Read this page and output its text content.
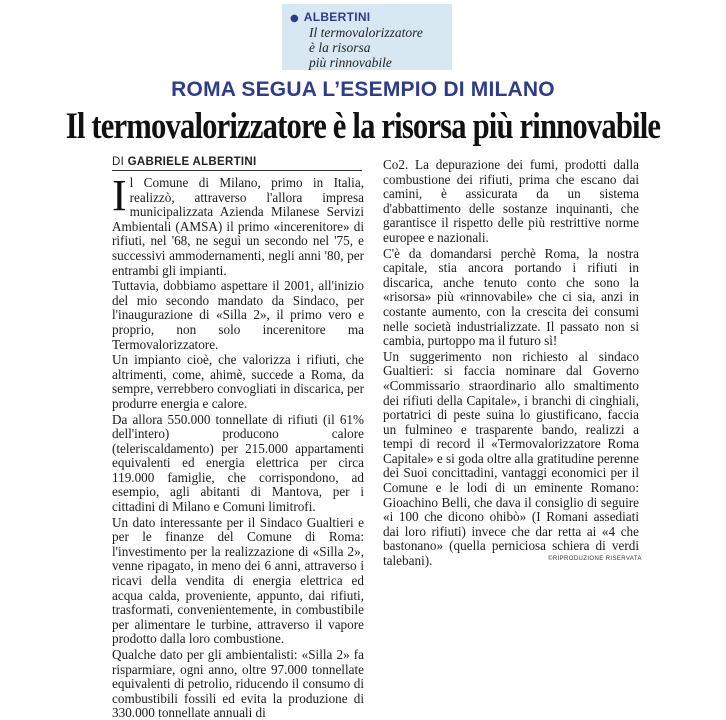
● ALBERTINI
Il termovalorizzatore
è la risorsa
più rinnovabile
ROMA SEGUA L’ESEMPIO DI MILANO
Il termovalorizzatore è la risorsa più rinnovabile
DI GABRIELE ALBERTINI

Il Comune di Milano, primo in Italia, realizzò, attraverso l'allora impresa municipalizzata Azienda Milanese Servizi Ambientali (AMSA) il primo «incerenitore» di rifiuti, nel '68, ne seguì un secondo nel '75, e successivi ammodernamenti, negli anni '80, per entrambi gli impianti.

Tuttavia, dobbiamo aspettare il 2001, all'inizio del mio secondo mandato da Sindaco, per l'inaugurazione di «Silla 2», il primo vero e proprio, non solo incerenitore ma Termovalorizzatore.

Un impianto cioè, che valorizza i rifiuti, che altrimenti, come, ahimè, succede a Roma, da sempre, verrebbero convogliati in discarica, per produrre energia e calore.

Da allora 550.000 tonnellate di rifiuti (il 61% dell'intero) producono calore (teleriscaldamento) per 215.000 appartamenti equivalenti ed energia elettrica per circa 119.000 famiglie, che corrispondono, ad esempio, agli abitanti di Mantova, per i cittadini di Milano e Comuni limitrofi.

Un dato interessante per il Sindaco Gualtieri e per le finanze del Comune di Roma: l'investimento per la realizzazione di «Silla 2», venne ripagato, in meno dei 6 anni, attraverso i ricavi della vendita di energia elettrica ed acqua calda, proveniente, appunto, dai rifiuti, trasformati, convenientemente, in combustibile per alimentare le turbine, attraverso il vapore prodotto dalla loro combustione.

Qualche dato per gli ambientalisti: «Silla 2» fa risparmiare, ogni anno, oltre 97.000 tonnellate equivalenti di petrolio, riducendo il consumo di combustibili fossili ed evita la produzione di 330.000 tonnellate annuali di

Co2. La depurazione dei fumi, prodotti dalla combustione dei rifiuti, prima che escano dai camini, è assicurata da un sistema d'abbattimento delle sostanze inquinanti, che garantisce il rispetto delle più restrittive norme europee e nazionali.

C'è da domandarsi perchè Roma, la nostra capitale, stia ancora portando i rifiuti in discarica, anche tenuto conto che sono la «risorsa» più «rinnovabile» che ci sia, anzi in costante aumento, con la crescita dei consumi nelle società industrializzate. Il passato non si cambia, purtoppo ma il futuro sì!

Un suggerimento non richiesto al sindaco Gualtieri: si faccia nominare dal Governo «Commissario straordinario allo smaltimento dei rifiuti della Capitale», i branchi di cinghiali, portatrici di peste suina lo giustificano, faccia un fulmineo e trasparente bando, realizzi a tempi di record il «Termovalorizzatore Roma Capitale» e si goda oltre alla gratitudine perenne dei Suoi concittadini, vantaggi economici per il Comune e le lodi di un eminente Romano: Gioachino Belli, che dava il consiglio di seguire «i 100 che dicono ohibò» (I Romani assediati dai loro rifiuti) invece che dar retta ai «4 che bastonano» (quella perniciosa schiera di verdi talebani).	©RIPRODUZIONE RISERVATA
